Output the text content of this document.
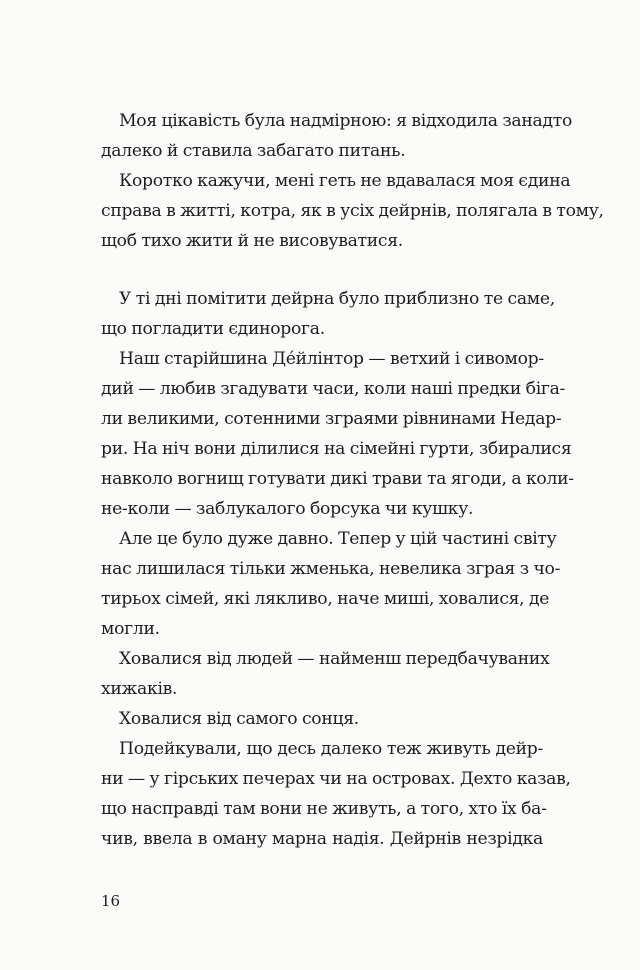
Моя цікавість була надмірною: я відходила занадто
далеко й ставила забагато питань.
Коротко кажучи, мені геть не вдавалася моя єдина
справа в житті, котра, як в усіх дейрнів, полягала в тому,
щоб тихо жити й не висовуватися.
У ті дні помітити дейрна було приблизно те саме,
що погладити єдинорога.
Наш старійшина Де́йлінтор — ветхий і сивомор-
дий — любив згадувати часи, коли наші предки біга-
ли великими, сотенними зграями рівнинами Недар-
ри. На ніч вони ділилися на сімейні гурти, збиралися
навколо вогнищ готувати дикі трави та ягоди, а коли-
не-коли — заблукалого борсука чи кушку.
Але це було дуже давно. Тепер у цій частині світу
нас лишилася тільки жменька, невелика зграя з чо-
тирьох сімей, які лякливо, наче миші, ховалися, де
могли.
Ховалися від людей — найменш передбачуваних
хижаків.
Ховалися від самого сонця.
Подейкували, що десь далеко теж живуть дейр-
ни — у гірських печерах чи на островах. Дехто казав,
що насправді там вони не живуть, а того, хто їх ба-
чив, ввела в оману марна надія. Дейрнів незрідка
16
